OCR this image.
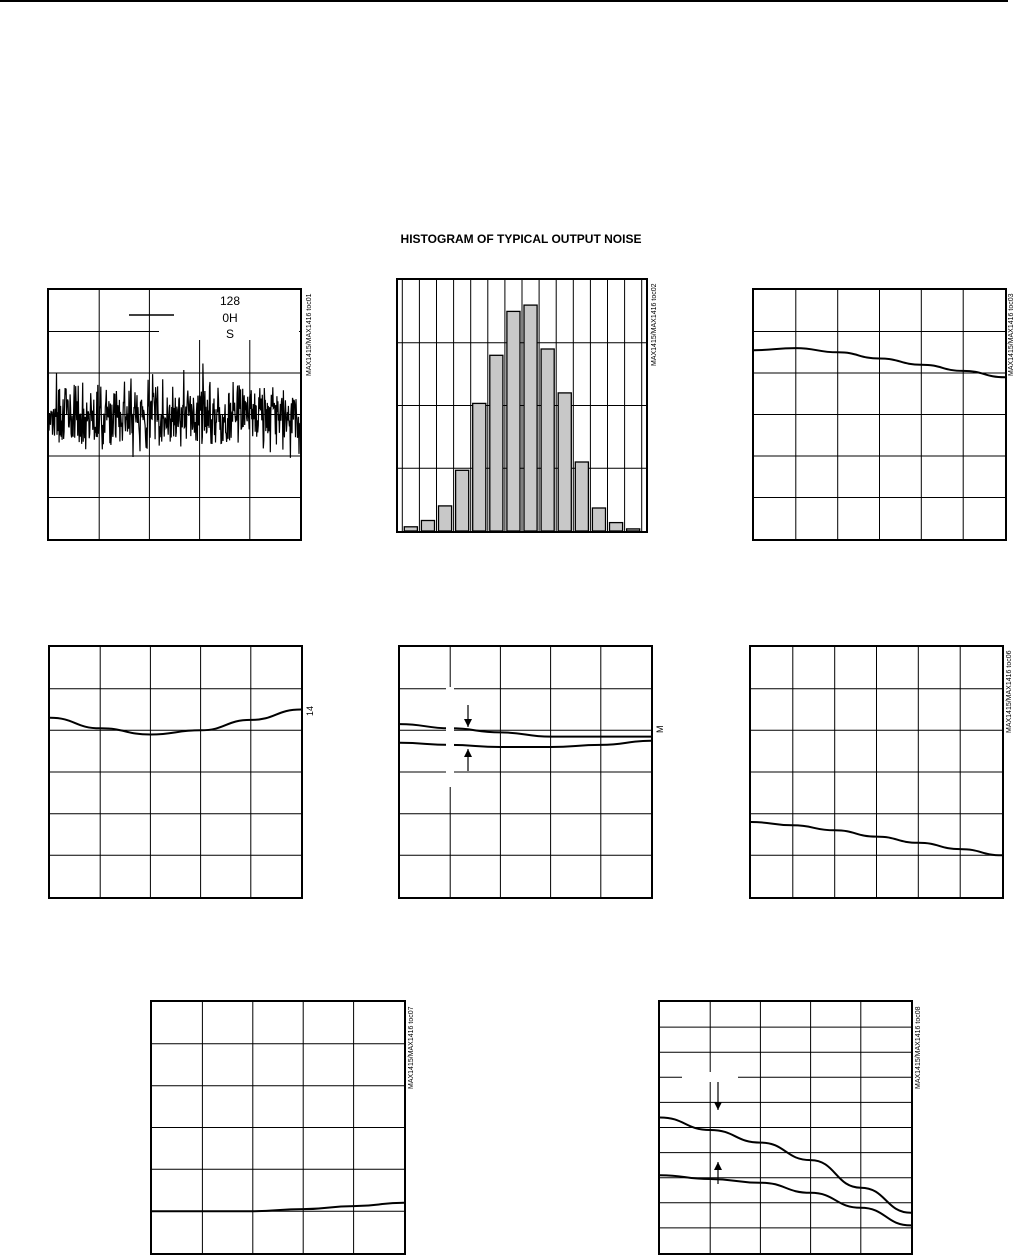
HISTOGRAM OF TYPICAL OUTPUT NOISE
128
0H
S	MAX1415/MAX1416 toc01	MAX1415/MAX1416 toc02	MAX1415/MAX1416 toc03
14
M	MAX1415/MAX1416 toc06
MAX1415/MAX1416 toc07	MAX1415/MAX1416 toc08
